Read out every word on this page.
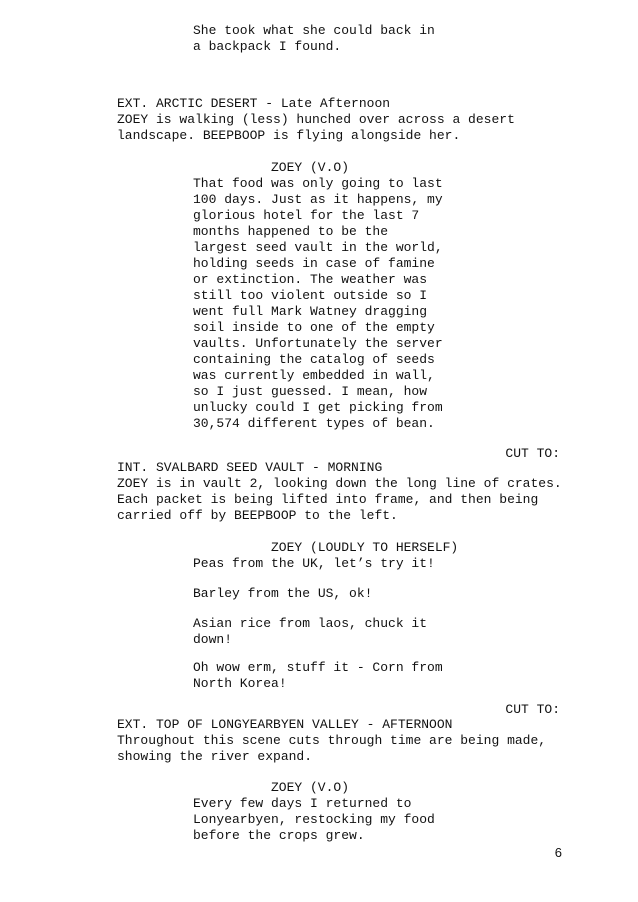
She took what she could back in
a backpack I found.
EXT. ARCTIC DESERT - Late Afternoon
ZOEY is walking (less) hunched over across a desert
landscape. BEEPBOOP is flying alongside her.
ZOEY (V.O)
That food was only going to last
100 days. Just as it happens, my
glorious hotel for the last 7
months happened to be the
largest seed vault in the world,
holding seeds in case of famine
or extinction. The weather was
still too violent outside so I
went full Mark Watney dragging
soil inside to one of the empty
vaults. Unfortunately the server
containing the catalog of seeds
was currently embedded in wall,
so I just guessed. I mean, how
unlucky could I get picking from
30,574 different types of bean.
CUT TO:
INT. SVALBARD SEED VAULT - MORNING
ZOEY is in vault 2, looking down the long line of crates.
Each packet is being lifted into frame, and then being
carried off by BEEPBOOP to the left.
ZOEY (LOUDLY TO HERSELF)
Peas from the UK, let’s try it!
Barley from the US, ok!
Asian rice from laos, chuck it
down!
Oh wow erm, stuff it - Corn from
North Korea!
CUT TO:
EXT. TOP OF LONGYEARBYEN VALLEY - AFTERNOON
Throughout this scene cuts through time are being made,
showing the river expand.
ZOEY (V.O)
Every few days I returned to
Lonyearbyen, restocking my food
before the crops grew.
6
